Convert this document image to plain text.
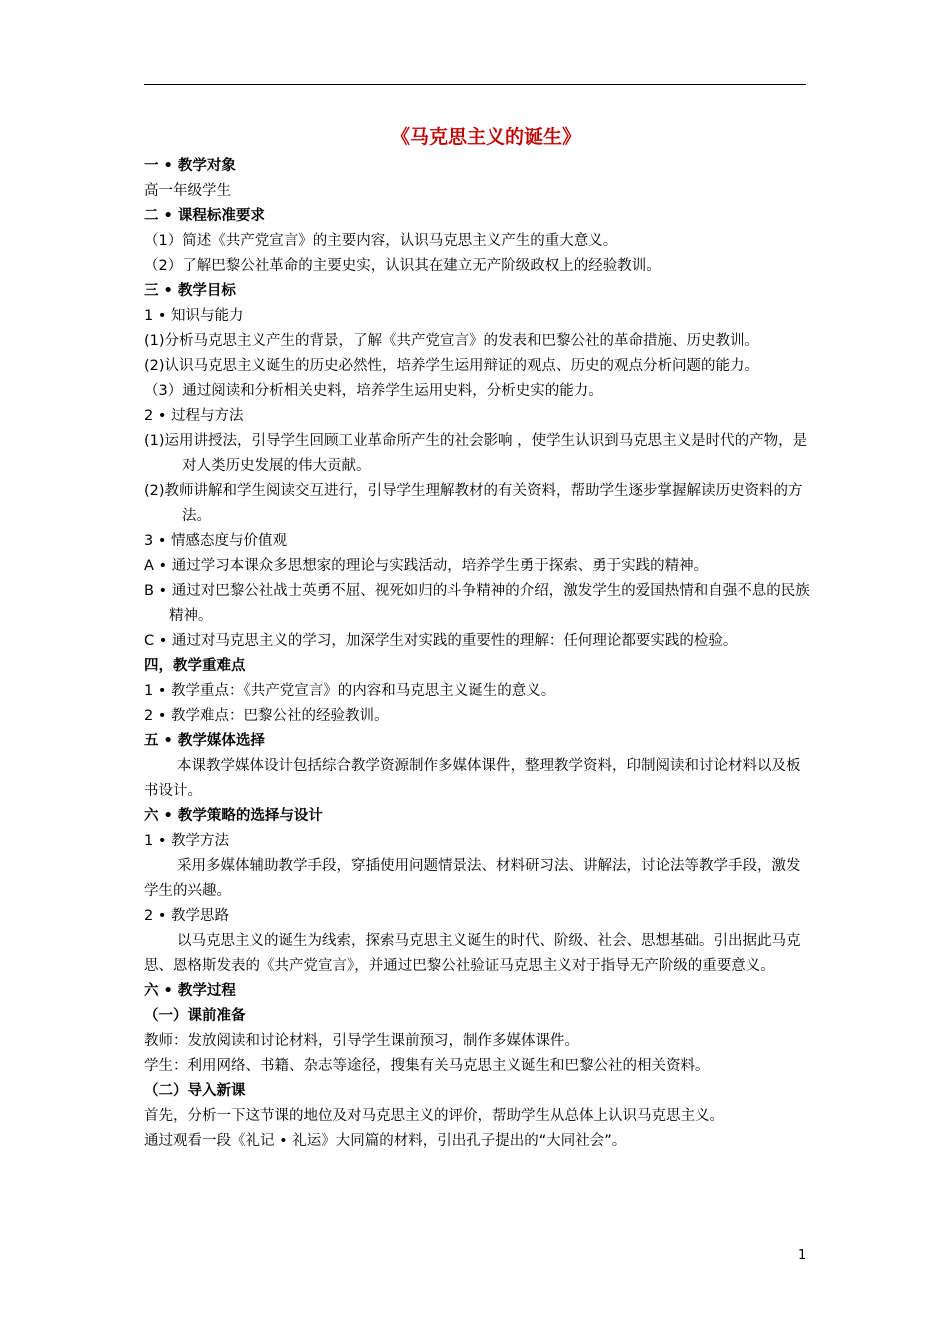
《马克思主义的诞生》
一 • 教学对象
高一年级学生
二 • 课程标准要求
（1）简述《共产党宣言》的主要内容，认识马克思主义产生的重大意义。
（2）了解巴黎公社革命的主要史实，认识其在建立无产阶级政权上的经验教训。
三 • 教学目标
1 • 知识与能力
(1)分析马克思主义产生的背景，了解《共产党宣言》的发表和巴黎公社的革命措施、历史教训。
(2)认识马克思主义诞生的历史必然性，培养学生运用辩证的观点、历史的观点分析问题的能力。
（3）通过阅读和分析相关史料，培养学生运用史料，分析史实的能力。
2 • 过程与方法
(1)运用讲授法，引导学生回顾工业革命所产生的社会影响 ，使学生认识到马克思主义是时代的产物，是对人类历史发展的伟大贡献。
(2)教师讲解和学生阅读交互进行，引导学生理解教材的有关资料，帮助学生逐步掌握解读历史资料的方法。
3 • 情感态度与价值观
A • 通过学习本课众多思想家的理论与实践活动，培养学生勇于探索、勇于实践的精神。
B • 通过对巴黎公社战士英勇不屈、视死如归的斗争精神的介绍，激发学生的爱国热情和自强不息的民族精神。
C • 通过对马克思主义的学习，加深学生对实践的重要性的理解：任何理论都要实践的检验。
四，教学重难点
1 • 教学重点：《共产党宣言》的内容和马克思主义诞生的意义。
2 • 教学难点：巴黎公社的经验教训。
五 • 教学媒体选择
本课教学媒体设计包括综合教学资源制作多媒体课件，整理教学资料，印制阅读和讨论材料以及板书设计。
六 • 教学策略的选择与设计
1 • 教学方法
采用多媒体辅助教学手段，穿插使用问题情景法、材料研习法、讲解法，讨论法等教学手段，激发学生的兴趣。
2 • 教学思路
以马克思主义的诞生为线索，探索马克思主义诞生的时代、阶级、社会、思想基础。引出据此马克思、恩格斯发表的《共产党宣言》，并通过巴黎公社验证马克思主义对于指导无产阶级的重要意义。
六 • 教学过程
（一）课前准备
教师：发放阅读和讨论材料，引导学生课前预习，制作多媒体课件。
学生：利用网络、书籍、杂志等途径，搜集有关马克思主义诞生和巴黎公社的相关资料。
（二）导入新课
首先，分析一下这节课的地位及对马克思主义的评价，帮助学生从总体上认识马克思主义。
通过观看一段《礼记 • 礼运》大同篇的材料，引出孔子提出的“大同社会”。
1
